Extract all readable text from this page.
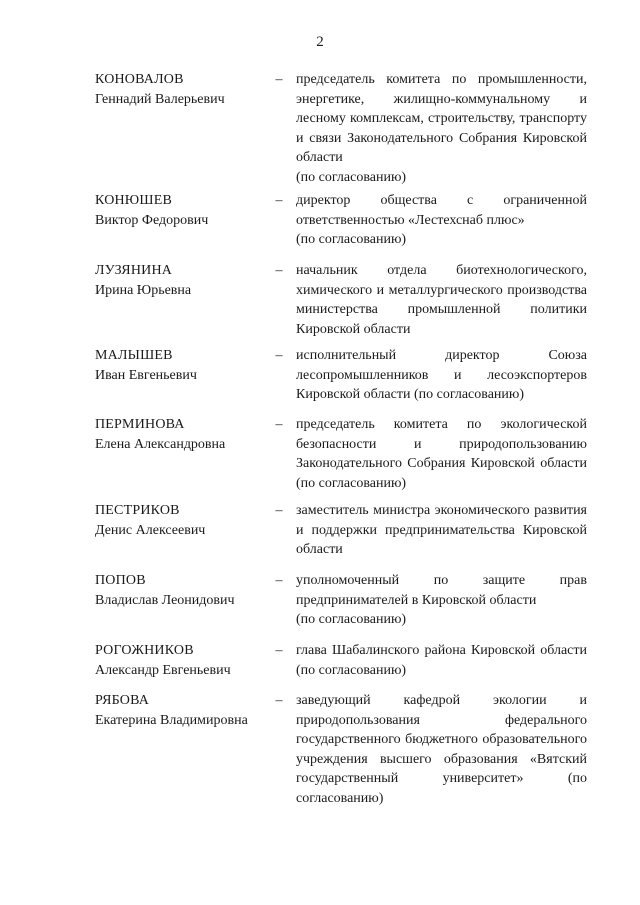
2
КОНОВАЛОВ
Геннадий Валерьевич
– председатель комитета по промышленности, энергетике, жилищно-коммунальному и лесному комплексам, строительству, транспорту и связи Законодательного Собрания Кировской области
(по согласованию)
КОНЮШЕВ
Виктор Федорович
– директор общества с ограниченной ответственностью «Лестехснаб плюс»
(по согласованию)
ЛУЗЯНИНА
Ирина Юрьевна
– начальник отдела биотехнологического, химического и металлургического производства министерства промышленной политики Кировской области
МАЛЫШЕВ
Иван Евгеньевич
– исполнительный директор Союза лесопромышленников и лесоэкспортеров Кировской области (по согласованию)
ПЕРМИНОВА
Елена Александровна
– председатель комитета по экологической безопасности и природопользованию Законодательного Собрания Кировской области (по согласованию)
ПЕСТРИКОВ
Денис Алексеевич
– заместитель министра экономического развития и поддержки предпринимательства Кировской области
ПОПОВ
Владислав Леонидович
– уполномоченный по защите прав предпринимателей в Кировской области
(по согласованию)
РОГОЖНИКОВ
Александр Евгеньевич
– глава Шабалинского района Кировской области (по согласованию)
РЯБОВА
Екатерина Владимировна
– заведующий кафедрой экологии и природопользования федерального государственного бюджетного образовательного учреждения высшего образования «Вятский государственный университет» (по согласованию)
